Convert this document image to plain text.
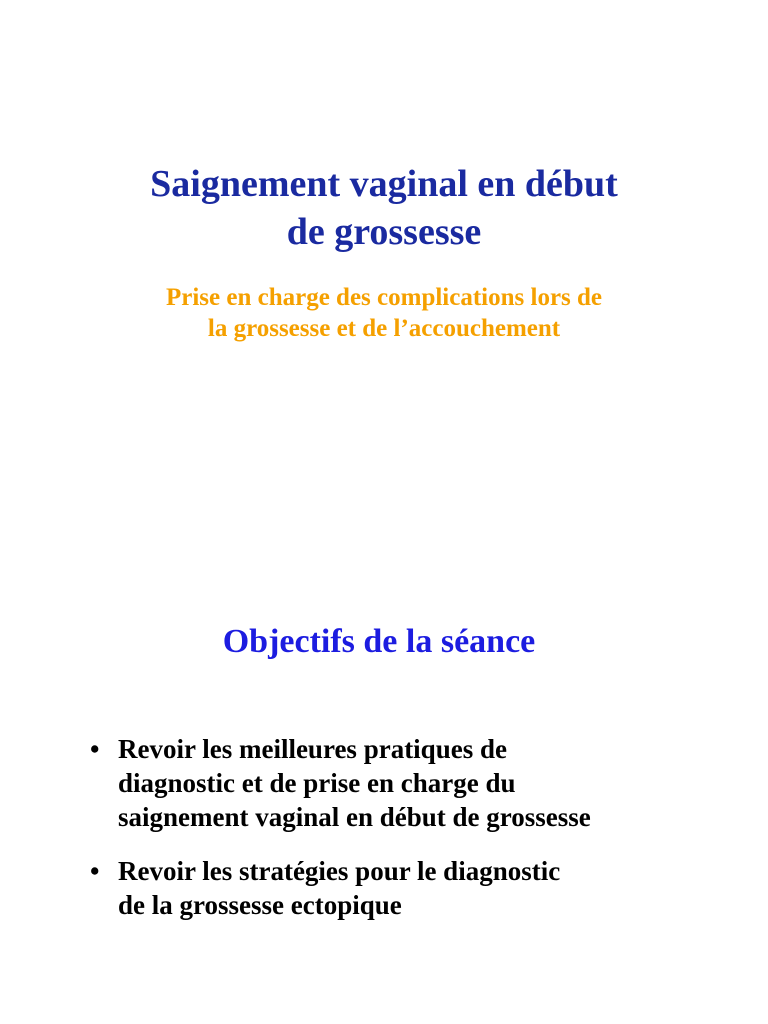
Saignement vaginal en début
de grossesse
Prise en charge des complications lors de
la grossesse et de l’accouchement
Objectifs de la séance
• Revoir les meilleures pratiques de
diagnostic et de prise en charge du
saignement vaginal en début de grossesse
• Revoir les stratégies pour le diagnostic
de la grossesse ectopique
